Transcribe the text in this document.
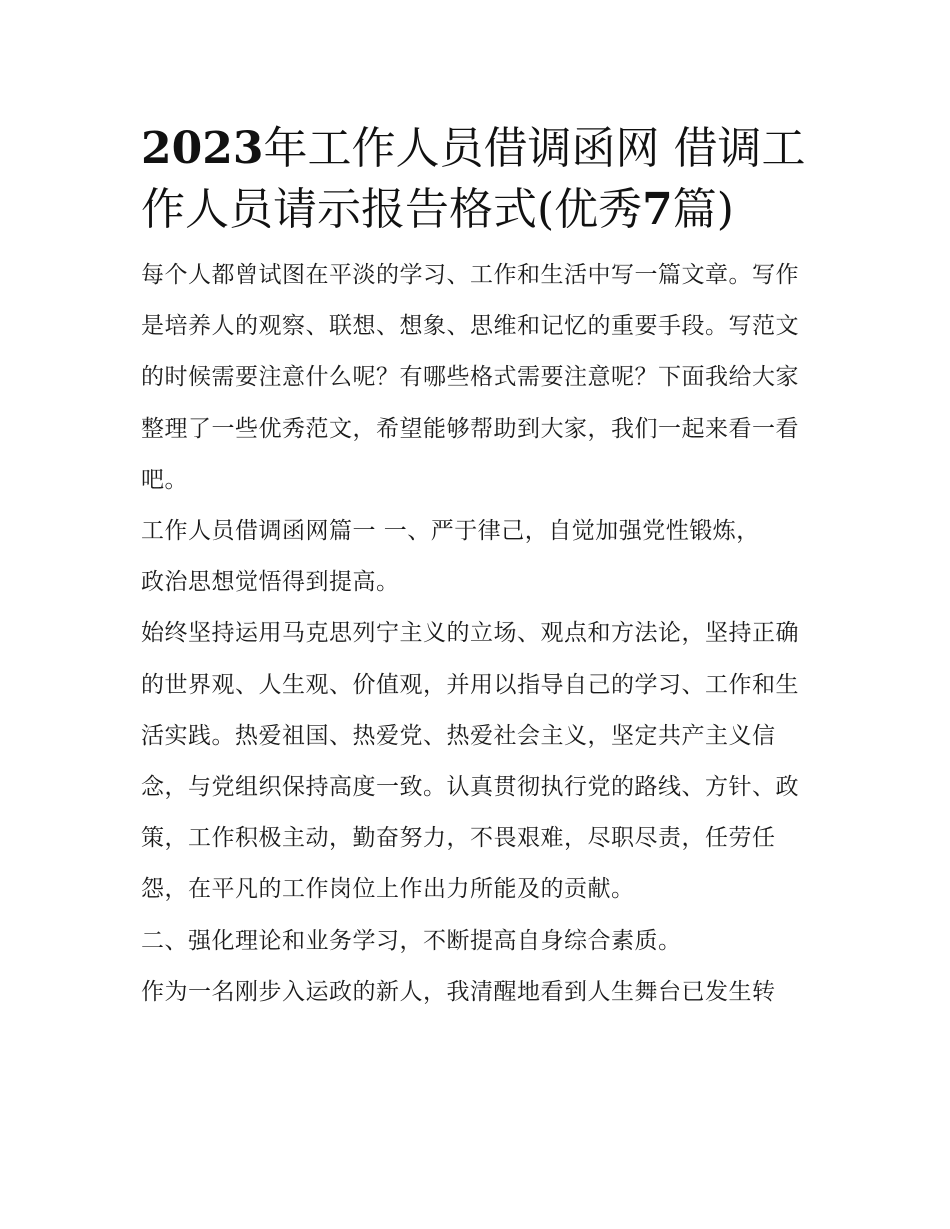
2023年工作人员借调函网 借调工作人员请示报告格式(优秀7篇)

每个人都曾试图在平淡的学习、工作和生活中写一篇文章。写作是培养人的观察、联想、想象、思维和记忆的重要手段。写范文的时候需要注意什么呢？有哪些格式需要注意呢？下面我给大家整理了一些优秀范文，希望能够帮助到大家，我们一起来看一看吧。

工作人员借调函网篇一 一、严于律己，自觉加强党性锻炼，

政治思想觉悟得到提高。

始终坚持运用马克思列宁主义的立场、观点和方法论，坚持正确的世界观、人生观、价值观，并用以指导自己的学习、工作和生活实践。热爱祖国、热爱党、热爱社会主义，坚定共产主义信念，与党组织保持高度一致。认真贯彻执行党的路线、方针、政策，工作积极主动，勤奋努力，不畏艰难，尽职尽责，任劳任怨，在平凡的工作岗位上作出力所能及的贡献。

二、强化理论和业务学习，不断提高自身综合素质。

作为一名刚步入运政的新人，我清醒地看到人生舞台已发生转
